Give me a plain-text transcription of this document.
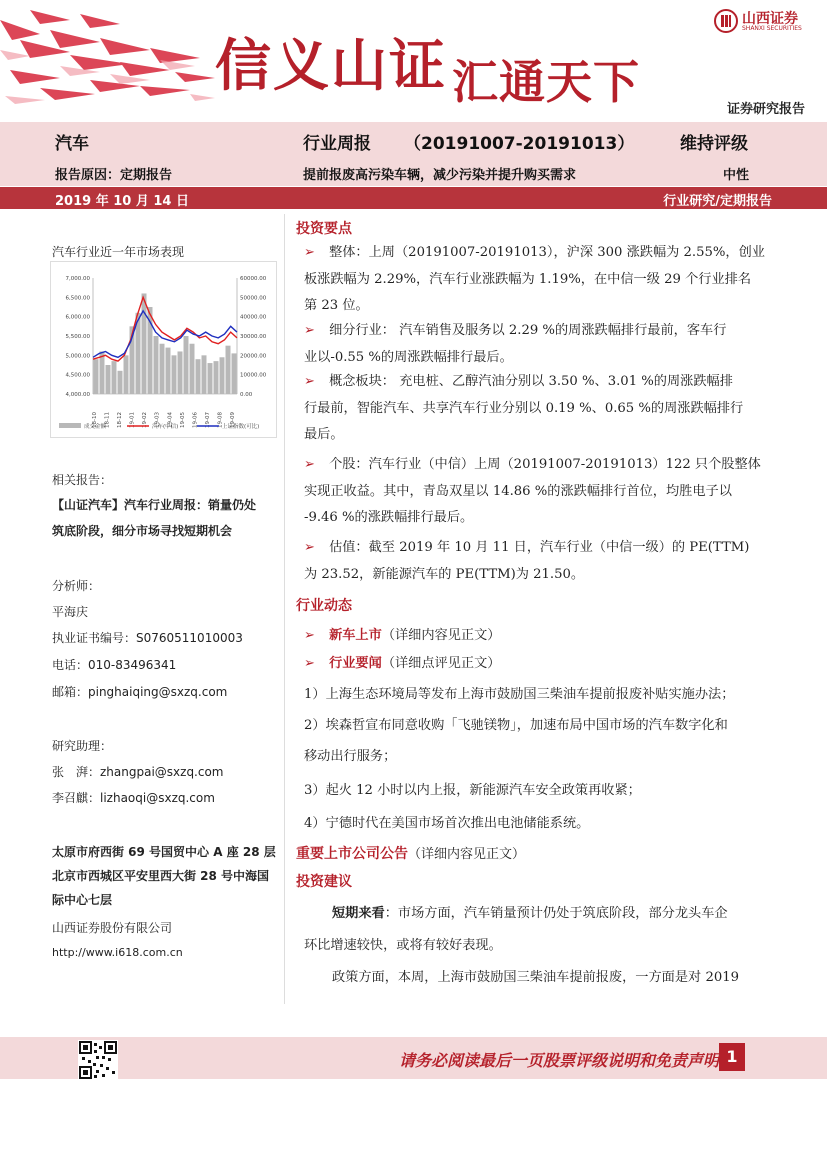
信义山证 汇通天下
山西证券
SHANXI SECURITIES
证券研究报告
汽车	行业周报 （20191007-20191013）	维持评级
报告原因：定期报告	提前报废高污染车辆，减少污染并提升购买需求	中性
2019 年 10 月 14 日	行业研究/定期报告
汽车行业近一年市场表现
7,000.00
6,500.00
6,000.00
5,500.00
5,000.00
4,500.00
4,000.00
60000.00
50000.00
40000.00
30000.00
20000.00
10000.00
0.00
18-10 18-11 18-12 19-01 19-02 19-03 19-04 19-05 19-06 19-07 19-08 19-09
成交金额	汽车(中信)	上证指数(可比)
相关报告：
【山证汽车】汽车行业周报：销量仍处
筑底阶段，细分市场寻找短期机会
分析师：
平海庆
执业证书编号：S0760511010003
电话：010-83496341
邮箱：pinghaiqing@sxzq.com
研究助理：
张　湃：zhangpai@sxzq.com
李召麒：lizhaoqi@sxzq.com
太原市府西街 69 号国贸中心 A 座 28 层
北京市西城区平安里西大街 28 号中海国
际中心七层
山西证券股份有限公司
http://www.i618.com.cn
投资要点
➢ 整体：上周（20191007-20191013），沪深 300 涨跌幅为 2.55%，创业
板涨跌幅为 2.29%，汽车行业涨跌幅为 1.19%，在中信一级 29 个行业排名
第 23 位。
➢ 细分行业： 汽车销售及服务以 2.29 %的周涨跌幅排行最前，客车行
业以-0.55 %的周涨跌幅排行最后。
➢ 概念板块： 充电桩、乙醇汽油分别以 3.50 %、3.01 %的周涨跌幅排
行最前，智能汽车、共享汽车行业分别以 0.19 %、0.65 %的周涨跌幅排行
最后。
➢ 个股：汽车行业（中信）上周（20191007-20191013）122 只个股整体
实现正收益。其中，青岛双星以 14.86 %的涨跌幅排行首位，均胜电子以
-9.46 %的涨跌幅排行最后。
➢ 估值：截至 2019 年 10 月 11 日，汽车行业（中信一级）的 PE(TTM)
为 23.52，新能源汽车的 PE(TTM)为 21.50。
行业动态
➢ 新车上市（详细内容见正文）
➢ 行业要闻（详细点评见正文）
1）上海生态环境局等发布上海市鼓励国三柴油车提前报废补贴实施办法；
2）埃森哲宣布同意收购「飞驰镁物」，加速布局中国市场的汽车数字化和
移动出行服务；
3）起火 12 小时以内上报，新能源汽车安全政策再收紧；
4）宁德时代在美国市场首次推出电池储能系统。
重要上市公司公告（详细内容见正文）
投资建议
短期来看：市场方面，汽车销量预计仍处于筑底阶段，部分龙头车企
环比增速较快，或将有较好表现。
政策方面，本周，上海市鼓励国三柴油车提前报废，一方面是对 2019
请务必阅读最后一页股票评级说明和免责声明 1
